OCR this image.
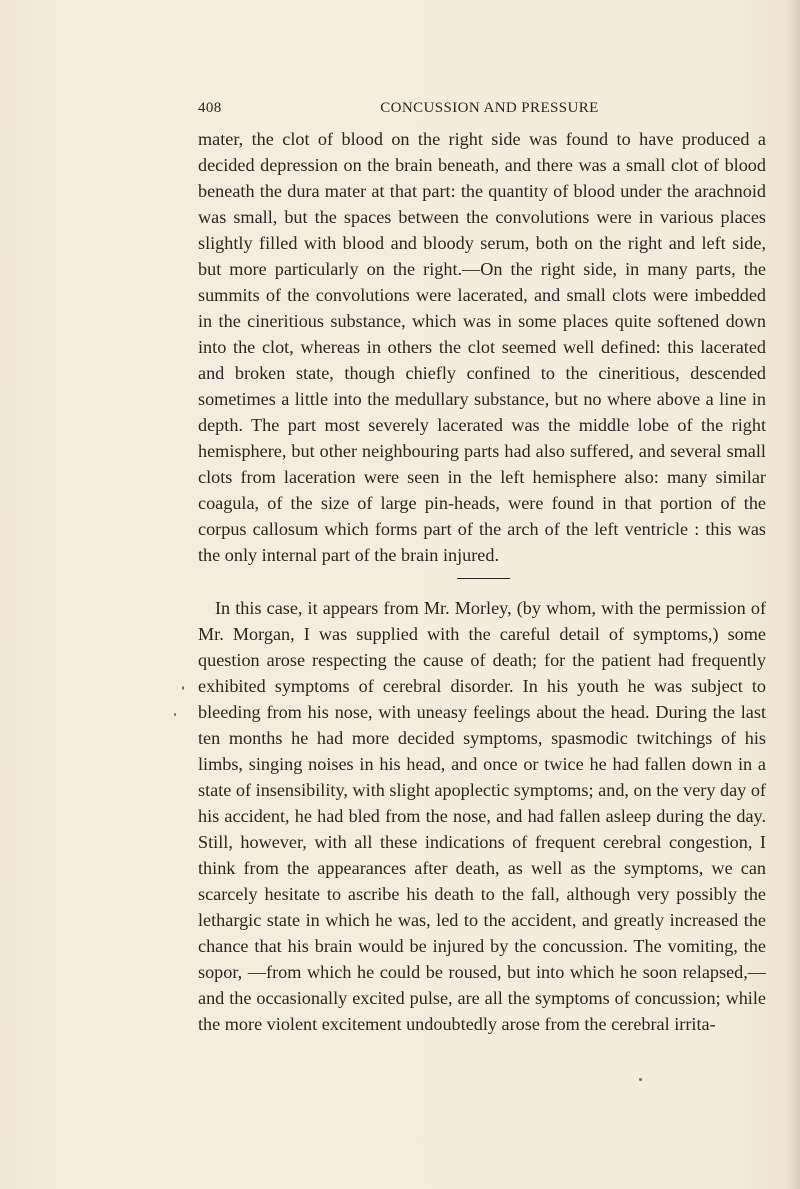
408	CONCUSSION AND PRESSURE

mater, the clot of blood on the right side was found to have produced a decided depression on the brain beneath, and there was a small clot of blood beneath the dura mater at that part: the quantity of blood under the arachnoid was small, but the spaces between the convolutions were in various places slightly filled with blood and bloody serum, both on the right and left side, but more particularly on the right.—On the right side, in many parts, the summits of the convolutions were lacerated, and small clots were imbedded in the cineritious substance, which was in some places quite softened down into the clot, whereas in others the clot seemed well defined: this lacerated and broken state, though chiefly confined to the cineritious, descended sometimes a little into the medullary substance, but no where above a line in depth. The part most severely lacerated was the middle lobe of the right hemisphere, but other neighbouring parts had also suffered, and several small clots from laceration were seen in the left hemisphere also: many similar coagula, of the size of large pin-heads, were found in that portion of the corpus callosum which forms part of the arch of the left ventricle : this was the only internal part of the brain injured.

In this case, it appears from Mr. Morley, (by whom, with the permission of Mr. Morgan, I was supplied with the careful detail of symptoms,) some question arose respecting the cause of death; for the patient had frequently exhibited symptoms of cerebral disorder. In his youth he was subject to bleeding from his nose, with uneasy feelings about the head. During the last ten months he had more decided symptoms, spasmodic twitchings of his limbs, singing noises in his head, and once or twice he had fallen down in a state of insensibility, with slight apoplectic symptoms; and, on the very day of his accident, he had bled from the nose, and had fallen asleep during the day. Still, however, with all these indications of frequent cerebral congestion, I think from the appearances after death, as well as the symptoms, we can scarcely hesitate to ascribe his death to the fall, although very possibly the lethargic state in which he was, led to the accident, and greatly increased the chance that his brain would be injured by the concussion. The vomiting, the sopor, —from which he could be roused, but into which he soon relapsed,—and the occasionally excited pulse, are all the symptoms of concussion; while the more violent excitement undoubtedly arose from the cerebral irrita-
